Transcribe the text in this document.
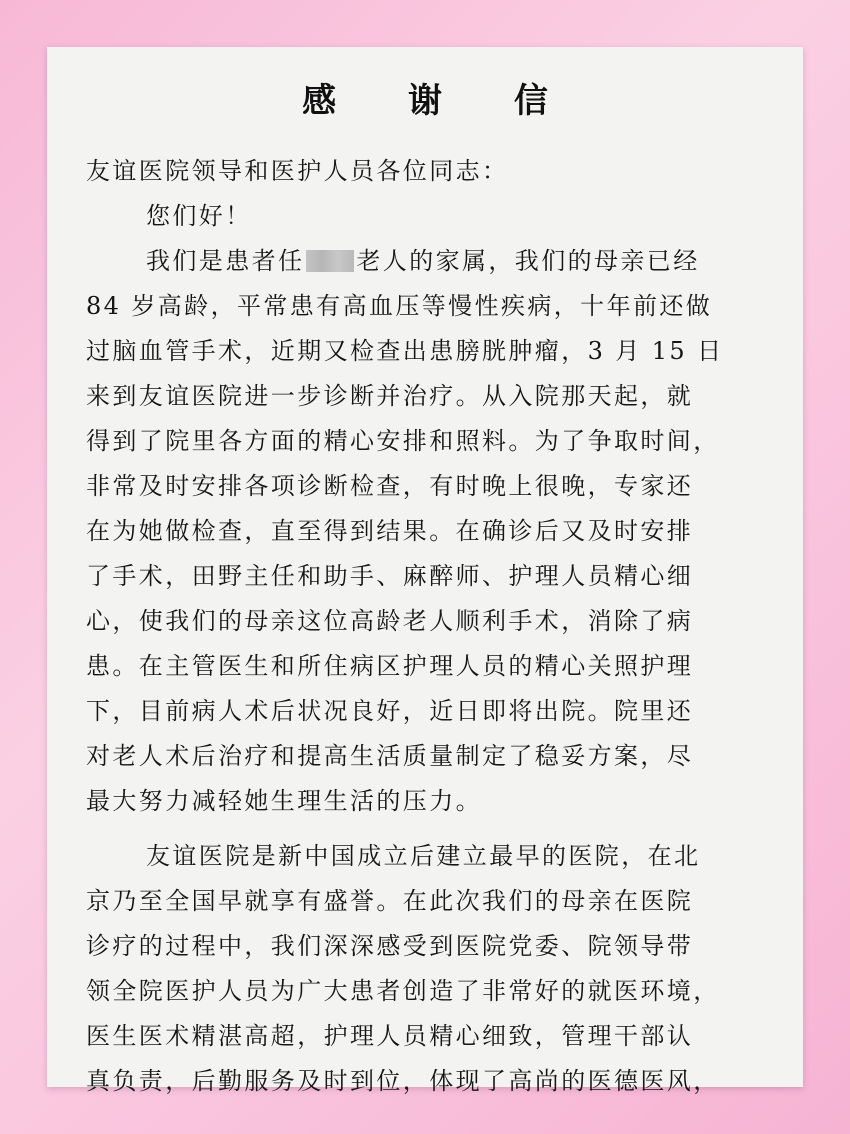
感 谢 信
友谊医院领导和医护人员各位同志：
您们好！
我们是患者任 老人的家属，我们的母亲已经
84 岁高龄，平常患有高血压等慢性疾病，十年前还做
过脑血管手术，近期又检查出患膀胱肿瘤，3 月 15 日
来到友谊医院进一步诊断并治疗。从入院那天起，就
得到了院里各方面的精心安排和照料。为了争取时间，
非常及时安排各项诊断检查，有时晚上很晚，专家还
在为她做检查，直至得到结果。在确诊后又及时安排
了手术，田野主任和助手、麻醉师、护理人员精心细
心，使我们的母亲这位高龄老人顺利手术，消除了病
患。在主管医生和所住病区护理人员的精心关照护理
下，目前病人术后状况良好，近日即将出院。院里还
对老人术后治疗和提高生活质量制定了稳妥方案，尽
最大努力减轻她生理生活的压力。
友谊医院是新中国成立后建立最早的医院，在北
京乃至全国早就享有盛誉。在此次我们的母亲在医院
诊疗的过程中，我们深深感受到医院党委、院领导带
领全院医护人员为广大患者创造了非常好的就医环境，
医生医术精湛高超，护理人员精心细致，管理干部认
真负责，后勤服务及时到位，体现了高尚的医德医风，
